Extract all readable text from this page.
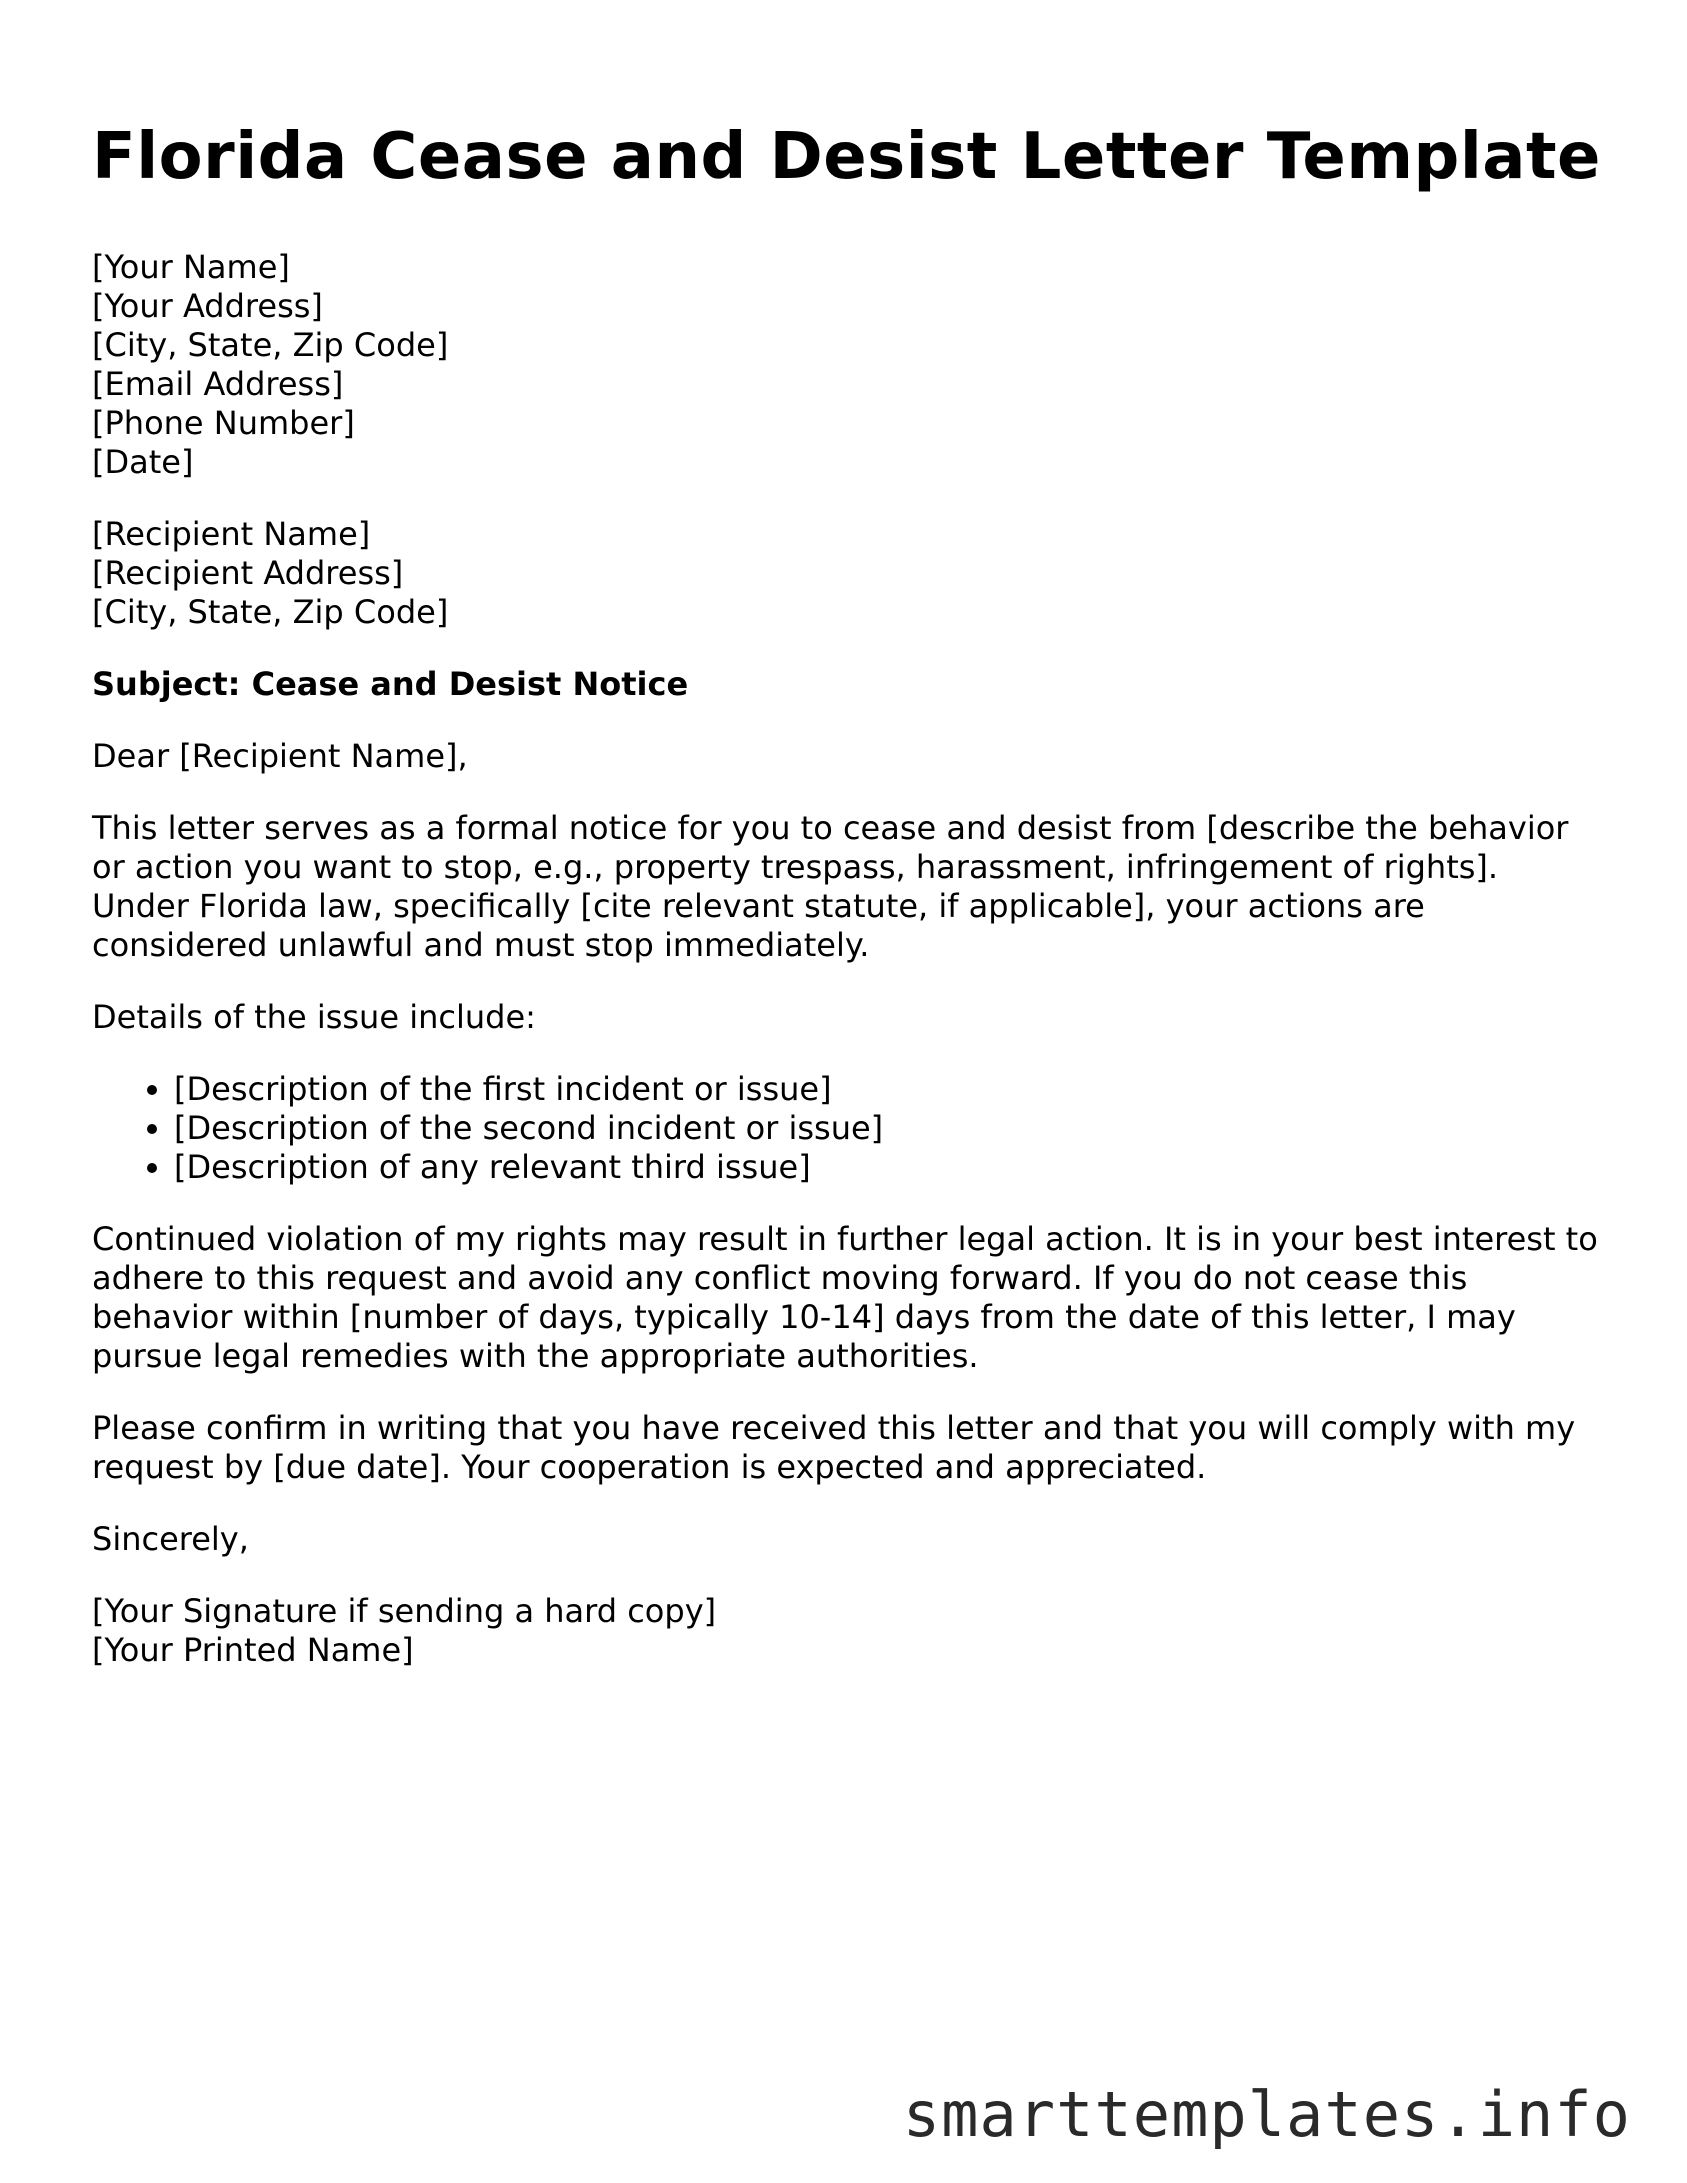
Florida Cease and Desist Letter Template
[Your Name]
[Your Address]
[City, State, Zip Code]
[Email Address]
[Phone Number]
[Date]
[Recipient Name]
[Recipient Address]
[City, State, Zip Code]

Subject: Cease and Desist Notice

Dear [Recipient Name],

This letter serves as a formal notice for you to cease and desist from [describe the behavior or action you want to stop, e.g., property trespass, harassment, infringement of rights]. Under Florida law, specifically [cite relevant statute, if applicable], your actions are considered unlawful and must stop immediately.

Details of the issue include:

• [Description of the first incident or issue]
• [Description of the second incident or issue]
• [Description of any relevant third issue]

Continued violation of my rights may result in further legal action. It is in your best interest to adhere to this request and avoid any conflict moving forward. If you do not cease this behavior within [number of days, typically 10-14] days from the date of this letter, I may pursue legal remedies with the appropriate authorities.

Please confirm in writing that you have received this letter and that you will comply with my request by [due date]. Your cooperation is expected and appreciated.

Sincerely,

[Your Signature if sending a hard copy]
[Your Printed Name]
smarttemplates.info
